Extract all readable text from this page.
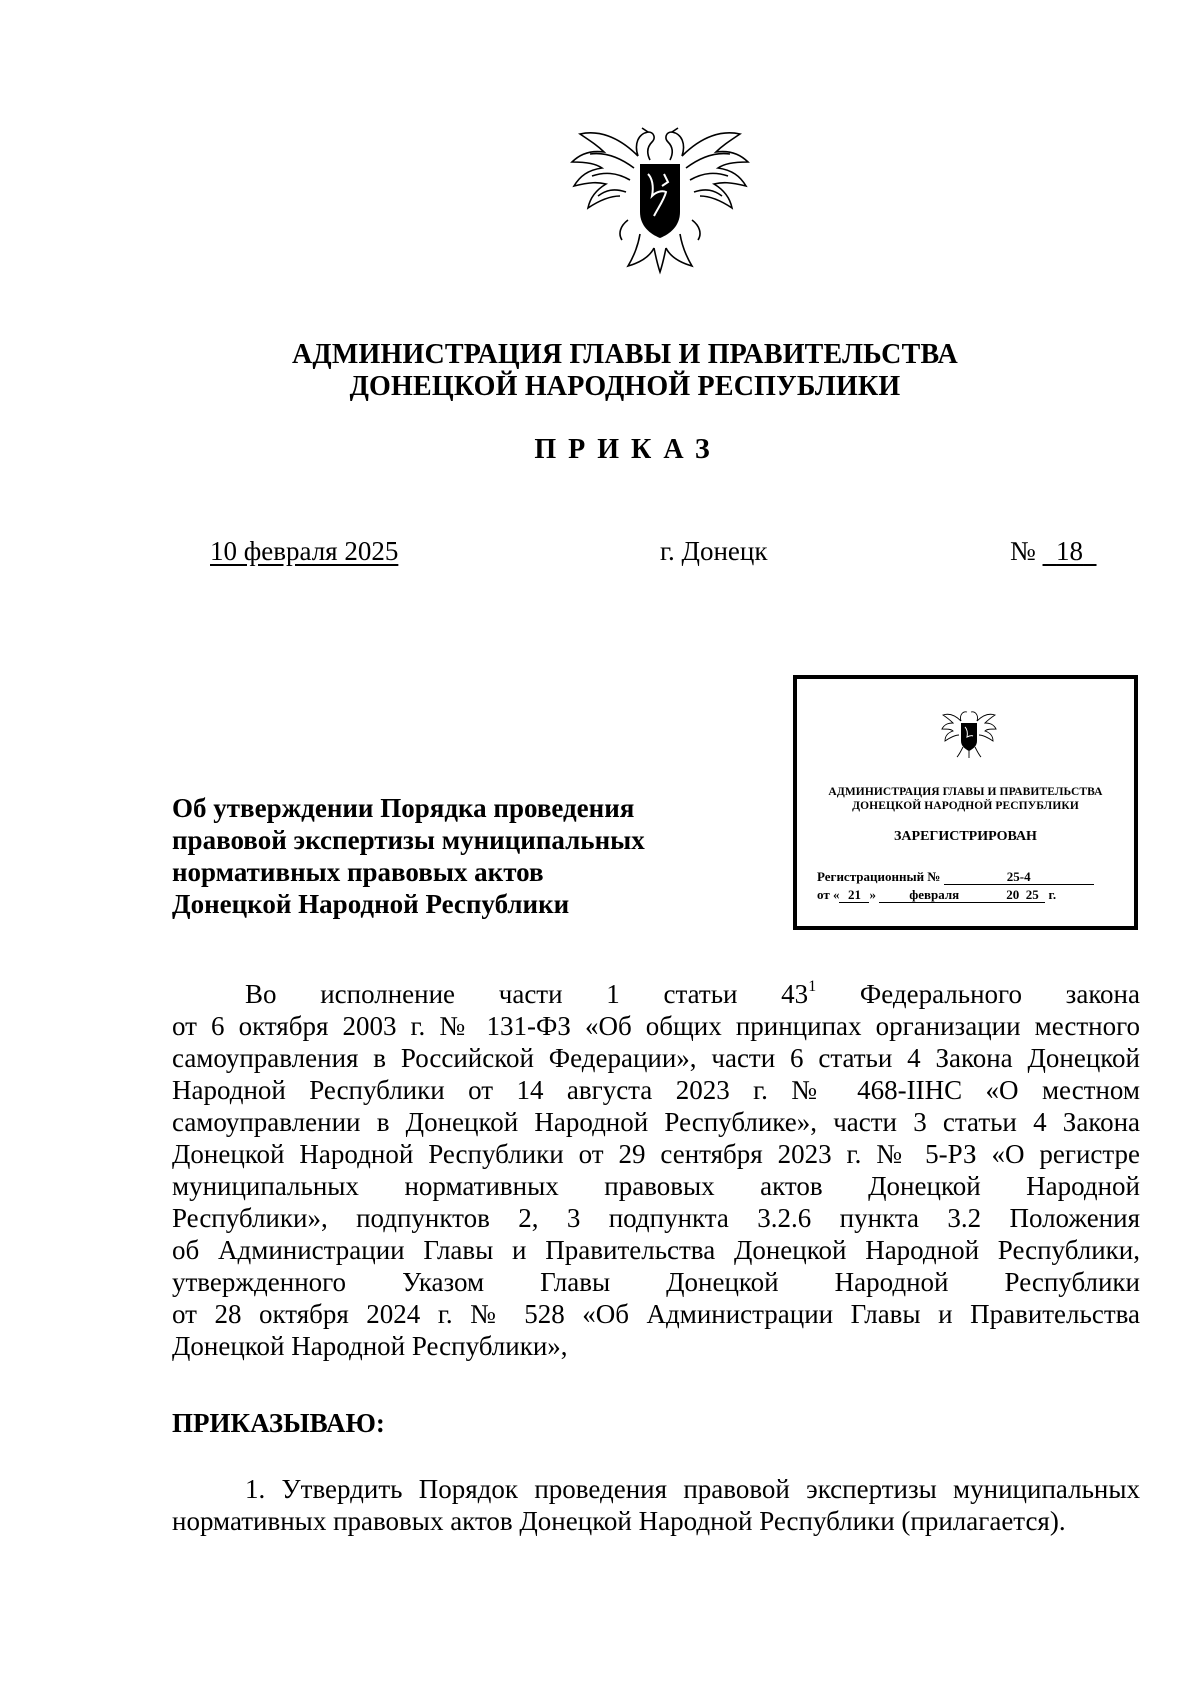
АДМИНИСТРАЦИЯ ГЛАВЫ И ПРАВИТЕЛЬСТВА
ДОНЕЦКОЙ НАРОДНОЙ РЕСПУБЛИКИ
ПРИКАЗ
10 февраля 2025	г. Донецк	№ 18
АДМИНИСТРАЦИЯ ГЛАВЫ И ПРАВИТЕЛЬСТВА
ДОНЕЦКОЙ НАРОДНОЙ РЕСПУБЛИКИ
ЗАРЕГИСТРИРОВАН
Регистрационный №	25-4
от « 21 »	февраля	20 25 г.
Об утверждении Порядка проведения
правовой экспертизы муниципальных
нормативных правовых актов
Донецкой Народной Республики
Во исполнение части 1 статьи $43^1$ Федерального закона
от 6 октября 2003 г. № 131-ФЗ «Об общих принципах организации местного
самоуправления в Российской Федерации», части 6 статьи 4 Закона Донецкой
Народной Республики от 14 августа 2023 г. № 468-IIНС «О местном
самоуправлении в Донецкой Народной Республике», части 3 статьи 4 Закона
Донецкой Народной Республики от 29 сентября 2023 г. № 5-РЗ «О регистре
муниципальных нормативных правовых актов Донецкой Народной
Республики», подпунктов 2, 3 подпункта 3.2.6 пункта 3.2 Положения
об Администрации Главы и Правительства Донецкой Народной Республики,
утвержденного Указом Главы Донецкой Народной Республики
от 28 октября 2024 г. № 528 «Об Администрации Главы и Правительства
Донецкой Народной Республики»,
ПРИКАЗЫВАЮ:
1. Утвердить Порядок проведения правовой экспертизы муниципальных
нормативных правовых актов Донецкой Народной Республики (прилагается).
